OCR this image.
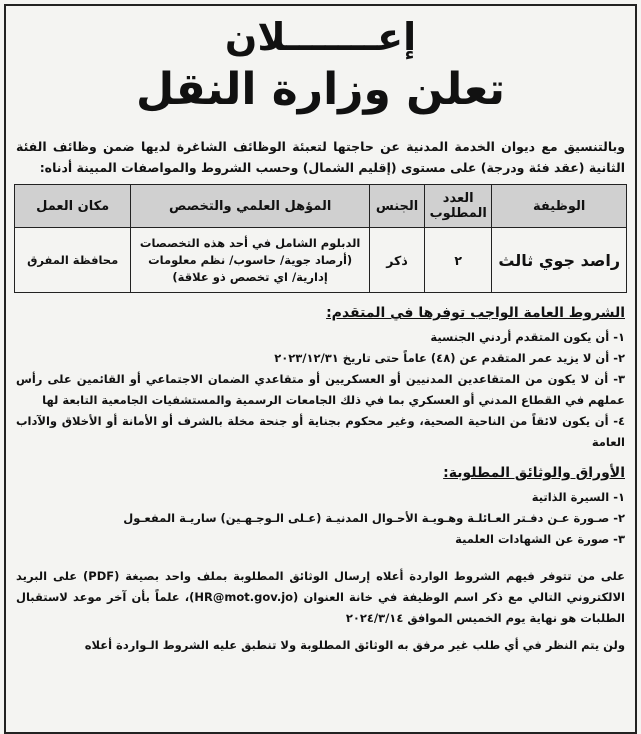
إعـــــــلان
تعلن وزارة النقل
وبالتنسيق مع ديوان الخدمة المدنية عن حاجتها لتعبئة الوظائف الشاغرة لديها ضمن وظائف الفئة الثانية (عقد فئة ودرجة) على مستوى (إقليم الشمال) وحسب الشروط والمواصفات المبينة أدناه:
الوظيفة	العدد المطلوب	الجنس	المؤهل العلمي والتخصص	مكان العمل
راصد جوي ثالث	٢	ذكر	الدبلوم الشامل في أحد هذه التخصصات (أرصاد جوية/ حاسوب/ نظم معلومات إدارية/ اي تخصص ذو علاقة)	محافظة المفرق
الشروط العامة الواجب توفرها في المتقدم:
١- أن يكون المتقدم أردني الجنسية
٢- أن لا يزيد عمر المتقدم عن (٤٨) عاماً حتى تاريخ ٢٠٢٣/١٢/٣١
٣- أن لا يكون من المتقاعدين المدنيين أو العسكريين أو متقاعدي الضمان الاجتماعي أو القائمين على رأس عملهم في القطاع المدني أو العسكري بما في ذلك الجامعات الرسمية والمستشفيات الجامعية التابعة لها
٤- أن يكون لائقاً من الناحية الصحية، وغير محكوم بجناية أو جنحة مخلة بالشرف أو الأمانة أو الأخلاق والآداب العامة
الأوراق والوثائق المطلوبة:
١- السيرة الذاتية
٢- صـورة عـن دفـتر العـائلـة وهـويـة الأحـوال المدنيـة (عـلى الـوجـهـين) ساريـة المفعـول
٣- صورة عن الشهادات العلمية
على من تتوفر فيهم الشروط الواردة أعلاه إرسال الوثائق المطلوبة بملف واحد بصيغة (PDF) على البريد الالكتروني التالي مع ذكر اسم الوظيفة في خانة العنوان (HR@mot.gov.jo)، علماً بأن آخر موعد لاستقبال الطلبات هو نهاية يوم الخميس الموافق ٢٠٢٤/٣/١٤
ولن يتم النظر في أي طلب غير مرفق به الوثائق المطلوبة ولا تنطبق عليه الشروط الـواردة أعلاه
